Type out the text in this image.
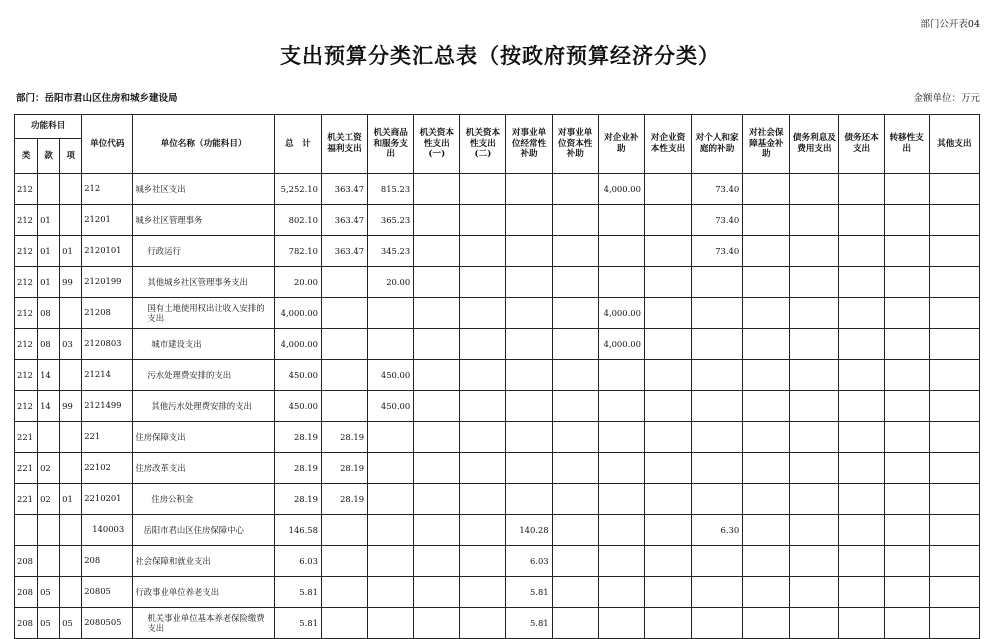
部门公开表04
支出预算分类汇总表（按政府预算经济分类）
部门：岳阳市君山区住房和城乡建设局	金额单位：万元
功能科目			单位代码	单位名称（功能科目）	总　计	机关工资福利支出	机关商品和服务支出	机关资本性支出(一)	机关资本性支出(二)	对事业单位经常性补助	对事业单位资本性补助	对企业补助	对企业资本性支出	对个人和家庭的补助	对社会保障基金补助	债务利息及费用支出	债务还本支出	转移性支出	其他支出
类	款	项																	
212			212	城乡社区支出	5,252.10	363.47	815.23					4,000.00		73.40					
212	01		21201	城乡社区管理事务	802.10	363.47	365.23							73.40					
212	01	01	2120101	行政运行	782.10	363.47	345.23							73.40					
212	01	99	2120199	其他城乡社区管理事务支出	20.00		20.00												
212	08		21208	国有土地使用权出让收入安排的支出	4,000.00							4,000.00							
212	08	03	2120803	城市建设支出	4,000.00							4,000.00							
212	14		21214	污水处理费安排的支出	450.00		450.00												
212	14	99	2121499	其他污水处理费安排的支出	450.00		450.00												
221			221	住房保障支出	28.19	28.19													
221	02		22102	住房改革支出	28.19	28.19													
221	02	01	2210201	住房公积金	28.19	28.19													
			140003	岳阳市君山区住房保障中心	146.58					140.28				6.30					
208			208	社会保障和就业支出	6.03					6.03									
208	05		20805	行政事业单位养老支出	5.81					5.81									
208	05	05	2080505	机关事业单位基本养老保险缴费支出	5.81					5.81									
